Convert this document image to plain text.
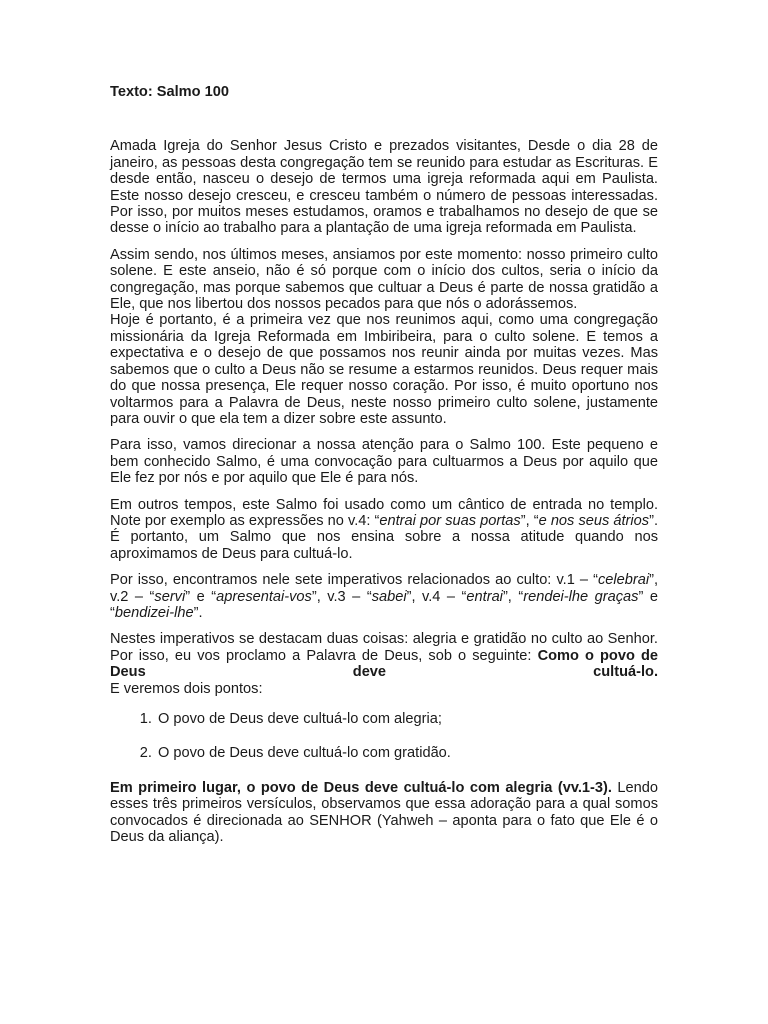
Texto: Salmo 100

Amada Igreja do Senhor Jesus Cristo e prezados visitantes, Desde o dia 28 de janeiro, as pessoas desta congregação tem se reunido para estudar as Escrituras. E desde então, nasceu o desejo de termos uma igreja reformada aqui em Paulista. Este nosso desejo cresceu, e cresceu também o número de pessoas interessadas. Por isso, por muitos meses estudamos, oramos e trabalhamos no desejo de que se desse o início ao trabalho para a plantação de uma igreja reformada em Paulista.

Assim sendo, nos últimos meses, ansiamos por este momento: nosso primeiro culto solene. E este anseio, não é só porque com o início dos cultos, seria o início da congregação, mas porque sabemos que cultuar a Deus é parte de nossa gratidão a Ele, que nos libertou dos nossos pecados para que nós o adorássemos.

Hoje é portanto, é a primeira vez que nos reunimos aqui, como uma congregação missionária da Igreja Reformada em Imbiribeira, para o culto solene. E temos a expectativa e o desejo de que possamos nos reunir ainda por muitas vezes. Mas sabemos que o culto a Deus não se resume a estarmos reunidos. Deus requer mais do que nossa presença, Ele requer nosso coração. Por isso, é muito oportuno nos voltarmos para a Palavra de Deus, neste nosso primeiro culto solene, justamente para ouvir o que ela tem a dizer sobre este assunto.

Para isso, vamos direcionar a nossa atenção para o Salmo 100. Este pequeno e bem conhecido Salmo, é uma convocação para cultuarmos a Deus por aquilo que Ele fez por nós e por aquilo que Ele é para nós.

Em outros tempos, este Salmo foi usado como um cântico de entrada no templo. Note por exemplo as expressões no v.4: “entrai por suas portas”, “e nos seus átrios”. É portanto, um Salmo que nos ensina sobre a nossa atitude quando nos aproximamos de Deus para cultuá-lo.

Por isso, encontramos nele sete imperativos relacionados ao culto: v.1 – “celebrai”, v.2 – “servi” e “apresentai-vos”, v.3 – “sabei”, v.4 – “entrai”, “rendei-lhe graças” e “bendizei-lhe”.

Nestes imperativos se destacam duas coisas: alegria e gratidão no culto ao Senhor. Por isso, eu vos proclamo a Palavra de Deus, sob o seguinte: Como o povo de Deus deve cultuá-lo.

E veremos dois pontos:

1. O povo de Deus deve cultuá-lo com alegria;
2. O povo de Deus deve cultuá-lo com gratidão.

Em primeiro lugar, o povo de Deus deve cultuá-lo com alegria (vv.1-3). Lendo esses três primeiros versículos, observamos que essa adoração para a qual somos convocados é direcionada ao SENHOR (Yahweh – aponta para o fato que Ele é o Deus da aliança).
